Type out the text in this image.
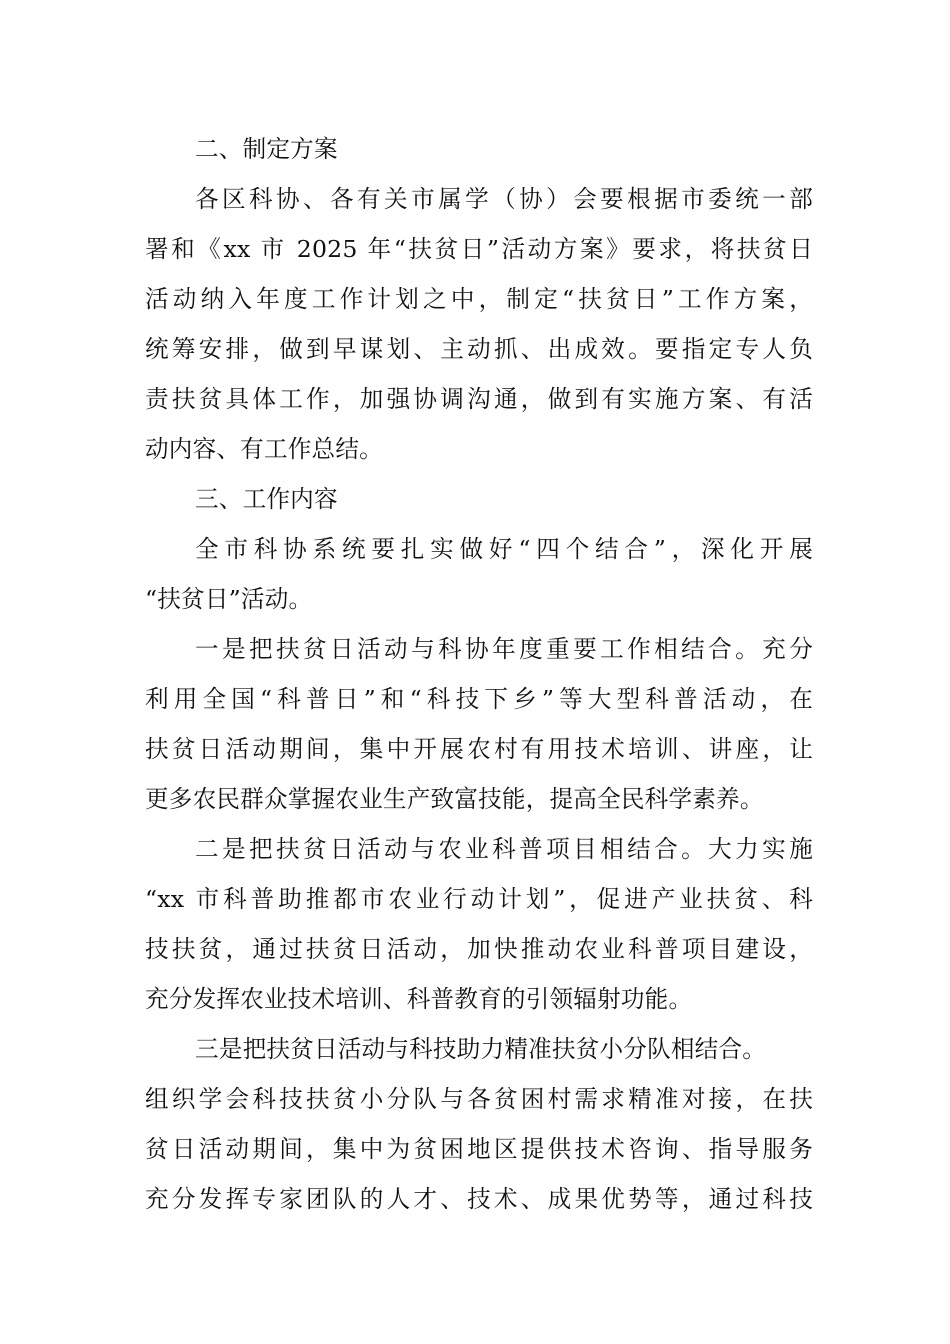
二、制定方案
各区科协、各有关市属学（协）会要根据市委统一部
署和《xx 市 2025 年“扶贫日”活动方案》要求，将扶贫日
活动纳入年度工作计划之中，制定“扶贫日”工作方案，
统筹安排，做到早谋划、主动抓、出成效。要指定专人负
责扶贫具体工作，加强协调沟通，做到有实施方案、有活
动内容、有工作总结。
三、工作内容
全市科协系统要扎实做好“四个结合”，深化开展
“扶贫日”活动。
一是把扶贫日活动与科协年度重要工作相结合。充分
利用全国“科普日”和“科技下乡”等大型科普活动，在
扶贫日活动期间，集中开展农村有用技术培训、讲座，让
更多农民群众掌握农业生产致富技能，提高全民科学素养。
二是把扶贫日活动与农业科普项目相结合。大力实施
“xx 市科普助推都市农业行动计划”，促进产业扶贫、科
技扶贫，通过扶贫日活动，加快推动农业科普项目建设，
充分发挥农业技术培训、科普教育的引领辐射功能。
三是把扶贫日活动与科技助力精准扶贫小分队相结合。
组织学会科技扶贫小分队与各贫困村需求精准对接，在扶
贫日活动期间，集中为贫困地区提供技术咨询、指导服务
充分发挥专家团队的人才、技术、成果优势等，通过科技
